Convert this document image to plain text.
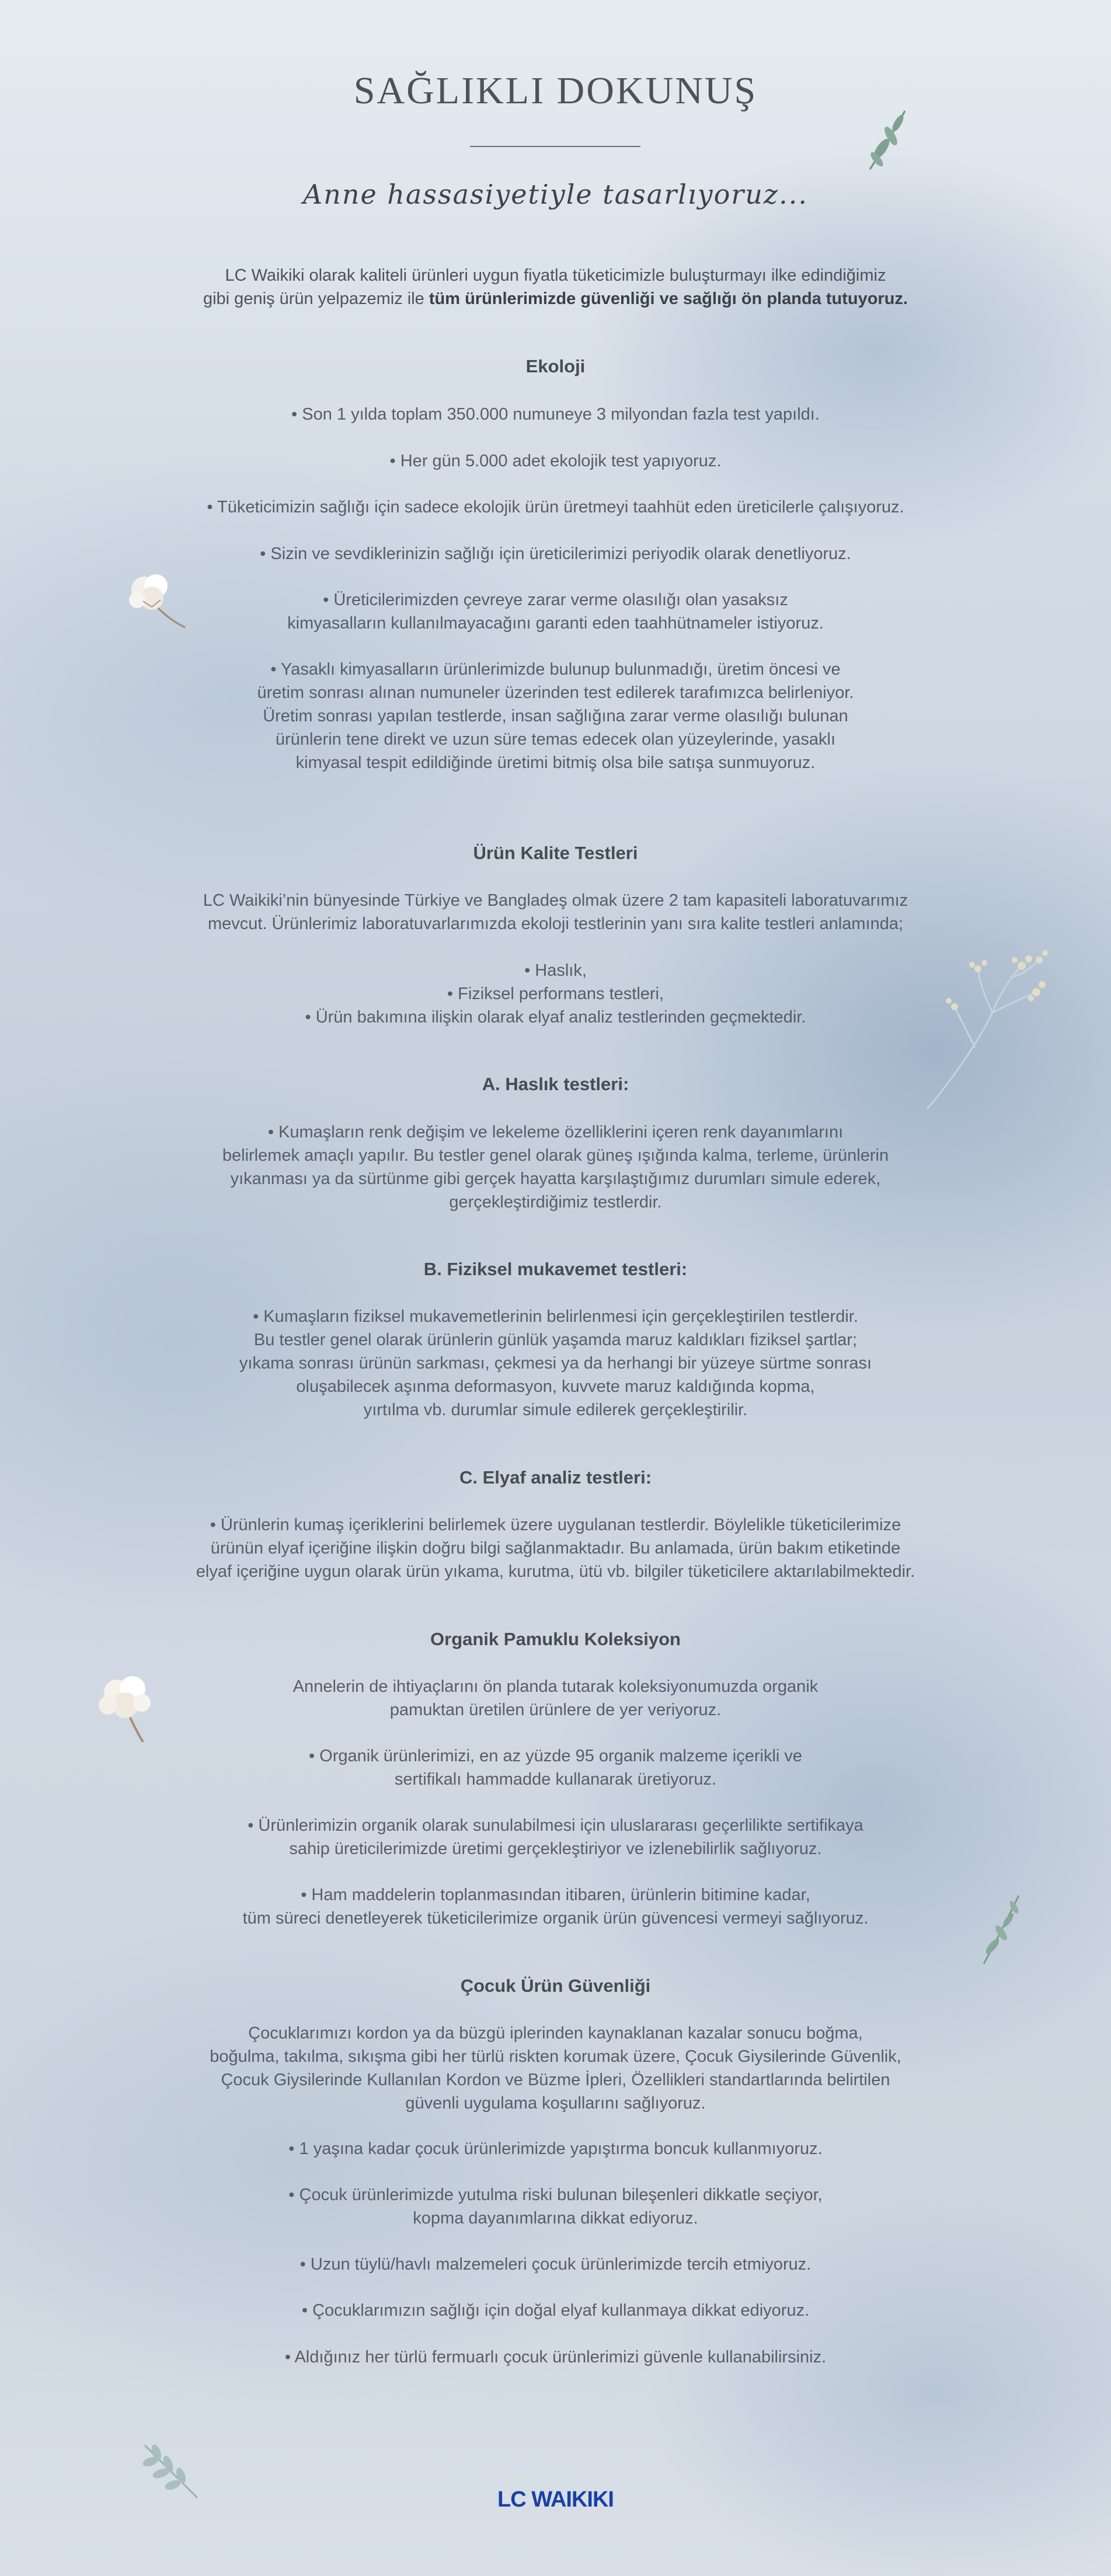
SAĞLIKLI DOKUNUŞ
Anne hassasiyetiyle tasarlıyoruz...
LC Waikiki olarak kaliteli ürünleri uygun fiyatla tüketicimizle buluşturmayı ilke edindiğimiz
gibi geniş ürün yelpazemiz ile tüm ürünlerimizde güvenliği ve sağlığı ön planda tutuyoruz.
Ekoloji
• Son 1 yılda toplam 350.000 numuneye 3 milyondan fazla test yapıldı.
• Her gün 5.000 adet ekolojik test yapıyoruz.
• Tüketicimizin sağlığı için sadece ekolojik ürün üretmeyi taahhüt eden üreticilerle çalışıyoruz.
• Sizin ve sevdiklerinizin sağlığı için üreticilerimizi periyodik olarak denetliyoruz.
• Üreticilerimizden çevreye zarar verme olasılığı olan yasaksız
kimyasalların kullanılmayacağını garanti eden taahhütnameler istiyoruz.
• Yasaklı kimyasalların ürünlerimizde bulunup bulunmadığı, üretim öncesi ve
üretim sonrası alınan numuneler üzerinden test edilerek tarafımızca belirleniyor.
Üretim sonrası yapılan testlerde, insan sağlığına zarar verme olasılığı bulunan
ürünlerin tene direkt ve uzun süre temas edecek olan yüzeylerinde, yasaklı
kimyasal tespit edildiğinde üretimi bitmiş olsa bile satışa sunmuyoruz.
Ürün Kalite Testleri
LC Waikiki’nin bünyesinde Türkiye ve Bangladeş olmak üzere 2 tam kapasiteli laboratuvarımız
mevcut. Ürünlerimiz laboratuvarlarımızda ekoloji testlerinin yanı sıra kalite testleri anlamında;
• Haslık,
• Fiziksel performans testleri,
• Ürün bakımına ilişkin olarak elyaf analiz testlerinden geçmektedir.
A. Haslık testleri:
• Kumaşların renk değişim ve lekeleme özelliklerini içeren renk dayanımlarını
belirlemek amaçlı yapılır. Bu testler genel olarak güneş ışığında kalma, terleme, ürünlerin
yıkanması ya da sürtünme gibi gerçek hayatta karşılaştığımız durumları simule ederek,
gerçekleştirdiğimiz testlerdir.
B. Fiziksel mukavemet testleri:
• Kumaşların fiziksel mukavemetlerinin belirlenmesi için gerçekleştirilen testlerdir.
Bu testler genel olarak ürünlerin günlük yaşamda maruz kaldıkları fiziksel şartlar;
yıkama sonrası ürünün sarkması, çekmesi ya da herhangi bir yüzeye sürtme sonrası
oluşabilecek aşınma deformasyon, kuvvete maruz kaldığında kopma,
yırtılma vb. durumlar simule edilerek gerçekleştirilir.
C. Elyaf analiz testleri:
• Ürünlerin kumaş içeriklerini belirlemek üzere uygulanan testlerdir. Böylelikle tüketicilerimize
ürünün elyaf içeriğine ilişkin doğru bilgi sağlanmaktadır. Bu anlamada, ürün bakım etiketinde
elyaf içeriğine uygun olarak ürün yıkama, kurutma, ütü vb. bilgiler tüketicilere aktarılabilmektedir.
Organik Pamuklu Koleksiyon
Annelerin de ihtiyaçlarını ön planda tutarak koleksiyonumuzda organik
pamuktan üretilen ürünlere de yer veriyoruz.
• Organik ürünlerimizi, en az yüzde 95 organik malzeme içerikli ve
sertifikalı hammadde kullanarak üretiyoruz.
• Ürünlerimizin organik olarak sunulabilmesi için uluslararası geçerlilikte sertifikaya
sahip üreticilerimizde üretimi gerçekleştiriyor ve izlenebilirlik sağlıyoruz.
• Ham maddelerin toplanmasından itibaren, ürünlerin bitimine kadar,
tüm süreci denetleyerek tüketicilerimize organik ürün güvencesi vermeyi sağlıyoruz.
Çocuk Ürün Güvenliği
Çocuklarımızı kordon ya da büzgü iplerinden kaynaklanan kazalar sonucu boğma,
boğulma, takılma, sıkışma gibi her türlü riskten korumak üzere, Çocuk Giysilerinde Güvenlik,
Çocuk Giysilerinde Kullanılan Kordon ve Büzme İpleri, Özellikleri standartlarında belirtilen
güvenli uygulama koşullarını sağlıyoruz.
• 1 yaşına kadar çocuk ürünlerimizde yapıştırma boncuk kullanmıyoruz.
• Çocuk ürünlerimizde yutulma riski bulunan bileşenleri dikkatle seçiyor,
kopma dayanımlarına dikkat ediyoruz.
• Uzun tüylü/havlı malzemeleri çocuk ürünlerimizde tercih etmiyoruz.
• Çocuklarımızın sağlığı için doğal elyaf kullanmaya dikkat ediyoruz.
• Aldığınız her türlü fermuarlı çocuk ürünlerimizi güvenle kullanabilirsiniz.
LC WAIKIKI
